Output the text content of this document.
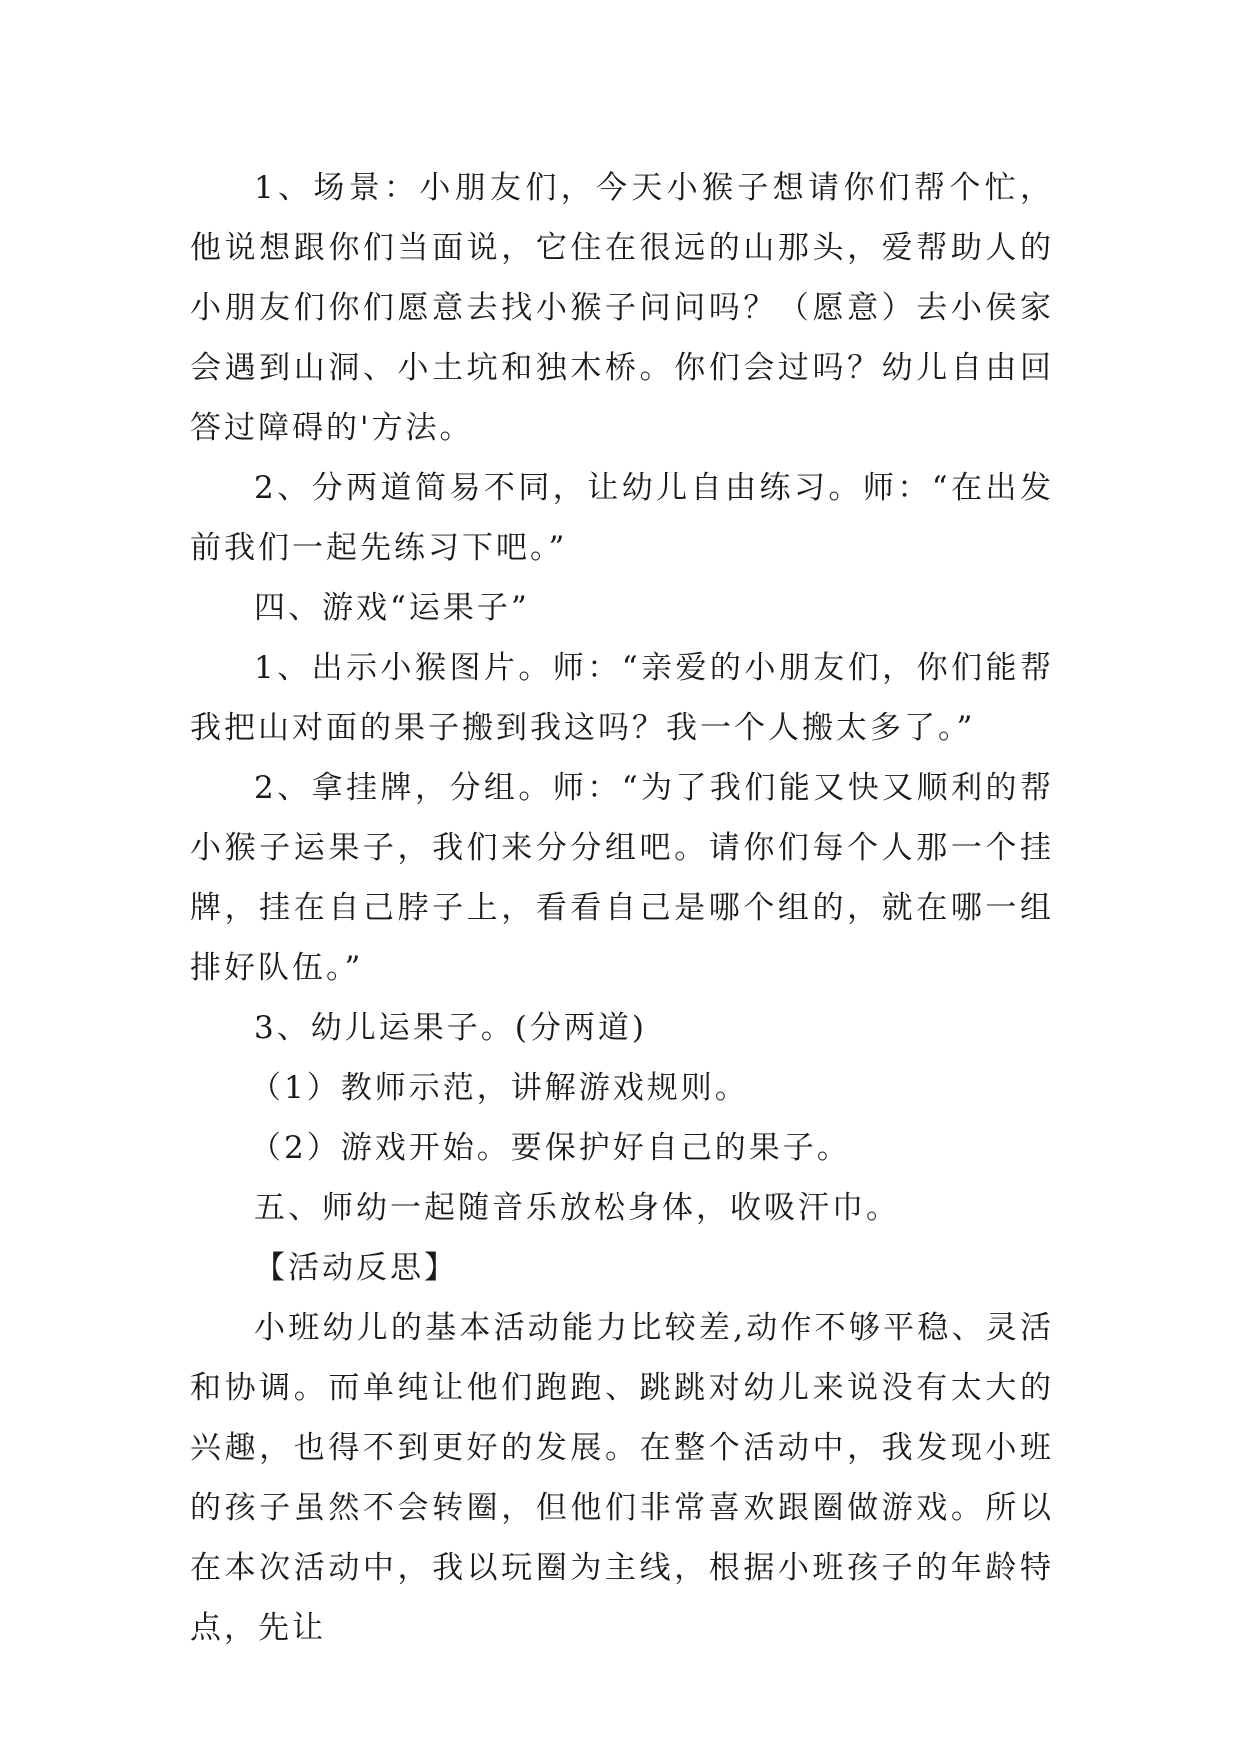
1、场景：小朋友们，今天小猴子想请你们帮个忙，他说想跟你们当面说，它住在很远的山那头，爱帮助人的小朋友们你们愿意去找小猴子问问吗？（愿意）去小侯家会遇到山洞、小土坑和独木桥。你们会过吗？幼儿自由回答过障碍的'方法。

2、分两道简易不同，让幼儿自由练习。师：“在出发前我们一起先练习下吧。”

四、游戏“运果子”

1、出示小猴图片。师：“亲爱的小朋友们，你们能帮我把山对面的果子搬到我这吗？我一个人搬太多了。”

2、拿挂牌，分组。师：“为了我们能又快又顺利的帮小猴子运果子，我们来分分组吧。请你们每个人那一个挂牌，挂在自己脖子上，看看自己是哪个组的，就在哪一组排好队伍。”

3、幼儿运果子。(分两道)

（1）教师示范，讲解游戏规则。

（2）游戏开始。要保护好自己的果子。

五、师幼一起随音乐放松身体，收吸汗巾。

【活动反思】

小班幼儿的基本活动能力比较差,动作不够平稳、灵活和协调。而单纯让他们跑跑、跳跳对幼儿来说没有太大的兴趣，也得不到更好的发展。在整个活动中，我发现小班的孩子虽然不会转圈，但他们非常喜欢跟圈做游戏。所以在本次活动中，我以玩圈为主线，根据小班孩子的年龄特点，先让
